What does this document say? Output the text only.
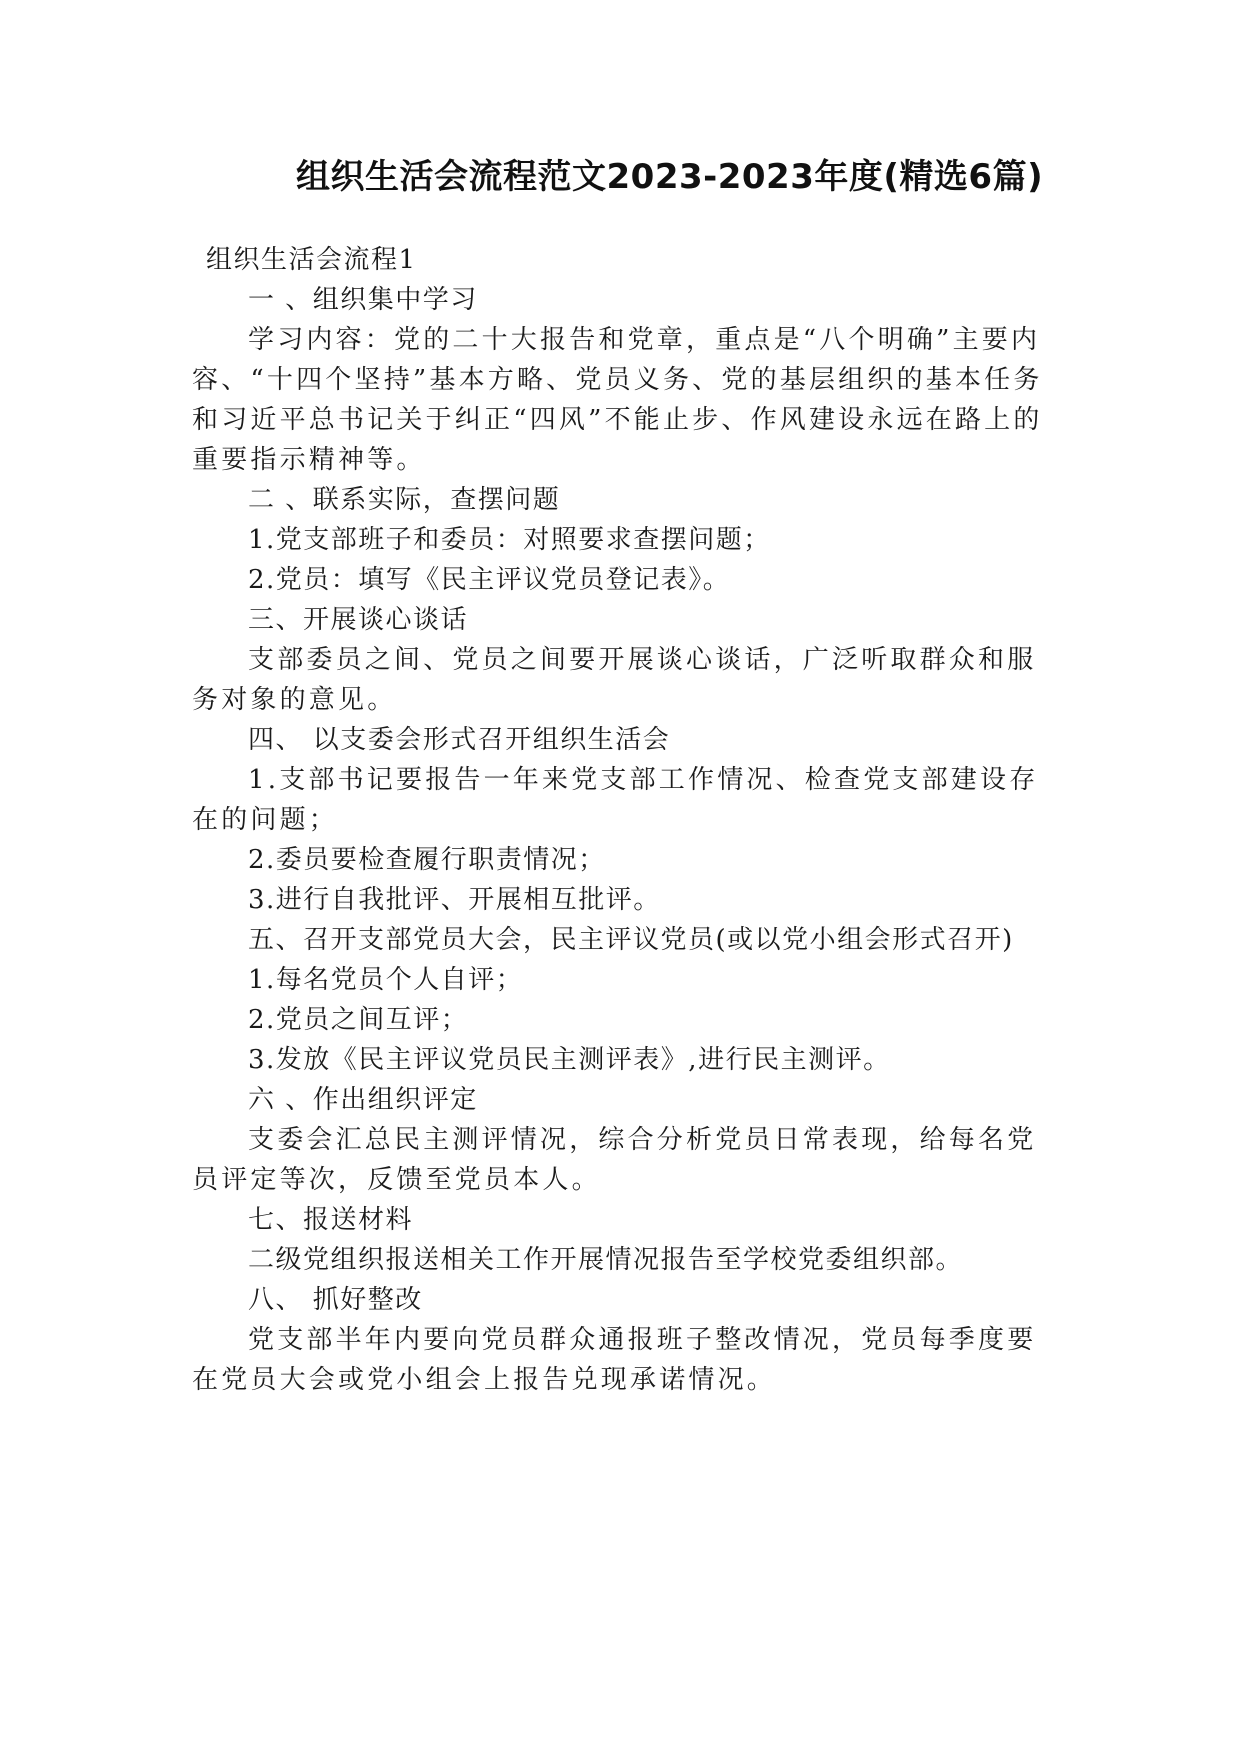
组织生活会流程范文2023-2023年度(精选6篇)
组织生活会流程1
一 、组织集中学习
学习内容：党的二十大报告和党章，重点是“八个明确”主要内容、“十四个坚持”基本方略、党员义务、党的基层组织的基本任务和习近平总书记关于纠正“四风”不能止步、作风建设永远在路上的重要指示精神等。
二 、联系实际，查摆问题
1.党支部班子和委员：对照要求查摆问题；
2.党员：填写《民主评议党员登记表》。
三、开展谈心谈话
支部委员之间、党员之间要开展谈心谈话，广泛听取群众和服务对象的意见。
四、 以支委会形式召开组织生活会
1.支部书记要报告一年来党支部工作情况、检查党支部建设存在的问题；
2.委员要检查履行职责情况；
3.进行自我批评、开展相互批评。
五、召开支部党员大会，民主评议党员(或以党小组会形式召开)
1.每名党员个人自评；
2.党员之间互评；
3.发放《民主评议党员民主测评表》,进行民主测评。
六 、作出组织评定
支委会汇总民主测评情况，综合分析党员日常表现，给每名党员评定等次，反馈至党员本人。
七、报送材料
二级党组织报送相关工作开展情况报告至学校党委组织部。
八、 抓好整改
党支部半年内要向党员群众通报班子整改情况，党员每季度要在党员大会或党小组会上报告兑现承诺情况。
